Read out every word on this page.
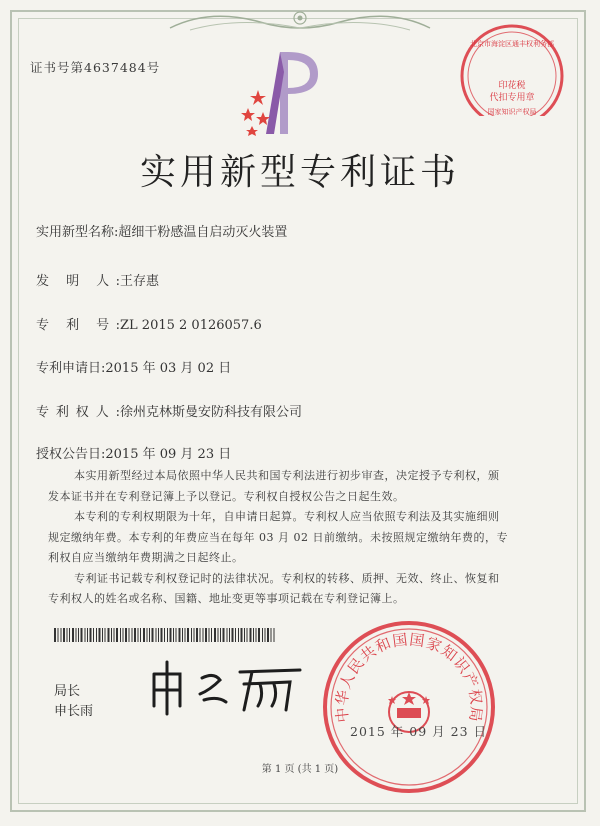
证书号第4637484号
印花税
代扣专用章
北京市海淀区通丰权利务部
国家知识产权局
实用新型专利证书
实用新型名称:超细干粉感温自启动灭火装置
发 明 人:王存惠
专 利 号:ZL 2015 2 0126057.6
专利申请日:2015 年 03 月 02 日
专利权人:徐州克林斯曼安防科技有限公司
授权公告日:2015 年 09 月 23 日

本实用新型经过本局依照中华人民共和国专利法进行初步审查，决定授予专利权，颁发本证书并在专利登记簿上予以登记。专利权自授权公告之日起生效。

本专利的专利权期限为十年，自申请日起算。专利权人应当依照专利法及其实施细则规定缴纳年费。本专利的年费应当在每年 03 月 02 日前缴纳。未按照规定缴纳年费的，专利权自应当缴纳年费期满之日起终止。

专利证书记载专利权登记时的法律状况。专利权的转移、质押、无效、终止、恢复和专利权人的姓名或名称、国籍、地址变更等事项记载在专利登记簿上。

局长
申长雨	中华人民共和国国家知识产权局
2015 年 09 月 23 日
第 1 页 (共 1 页)
